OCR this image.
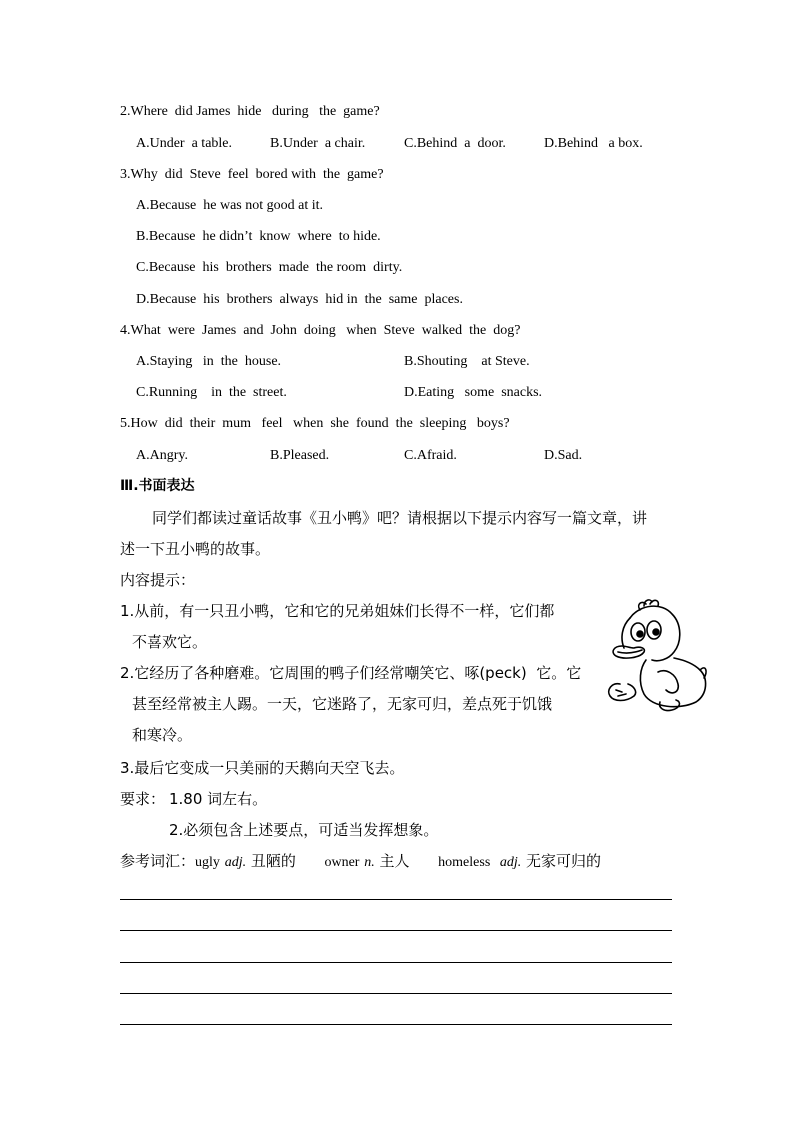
2.Where  did James  hide   during   the  game?
A.Under  a table.	B.Under  a chair.	C.Behind  a  door.	D.Behind   a box.
3.Why  did  Steve  feel  bored with  the  game?
A.Because  he was not good at it.
B.Because  he didn’t  know  where  to hide.
C.Because  his  brothers  made  the room  dirty.
D.Because  his  brothers  always  hid in  the  same  places.
4.What  were  James  and  John  doing   when  Steve  walked  the  dog?
A.Staying   in  the  house.	B.Shouting    at Steve.
C.Running    in  the  street.	D.Eating   some  snacks.
5.How  did  their  mum   feel   when  she  found  the  sleeping   boys?
A.Angry.	B.Pleased.	C.Afraid.	D.Sad.
Ⅲ.书面表达
同学们都读过童话故事《丑小鸭》吧？请根据以下提示内容写一篇文章，讲
述一下丑小鸭的故事。
内容提示：
1.从前，有一只丑小鸭，它和它的兄弟姐妹们长得不一样，它们都
不喜欢它。
2.它经历了各种磨难。它周围的鸭子们经常嘲笑它、啄(peck)  它。它
甚至经常被主人踢。一天，它迷路了，无家可归，差点死于饥饿
和寒冷。
3.最后它变成一只美丽的天鹅向天空飞去。
要求： 1.80 词左右。
2.必须包含上述要点，可适当发挥想象。
参考词汇：ugly adj. 丑陋的 owner n. 主人 homeless adj. 无家可归的
